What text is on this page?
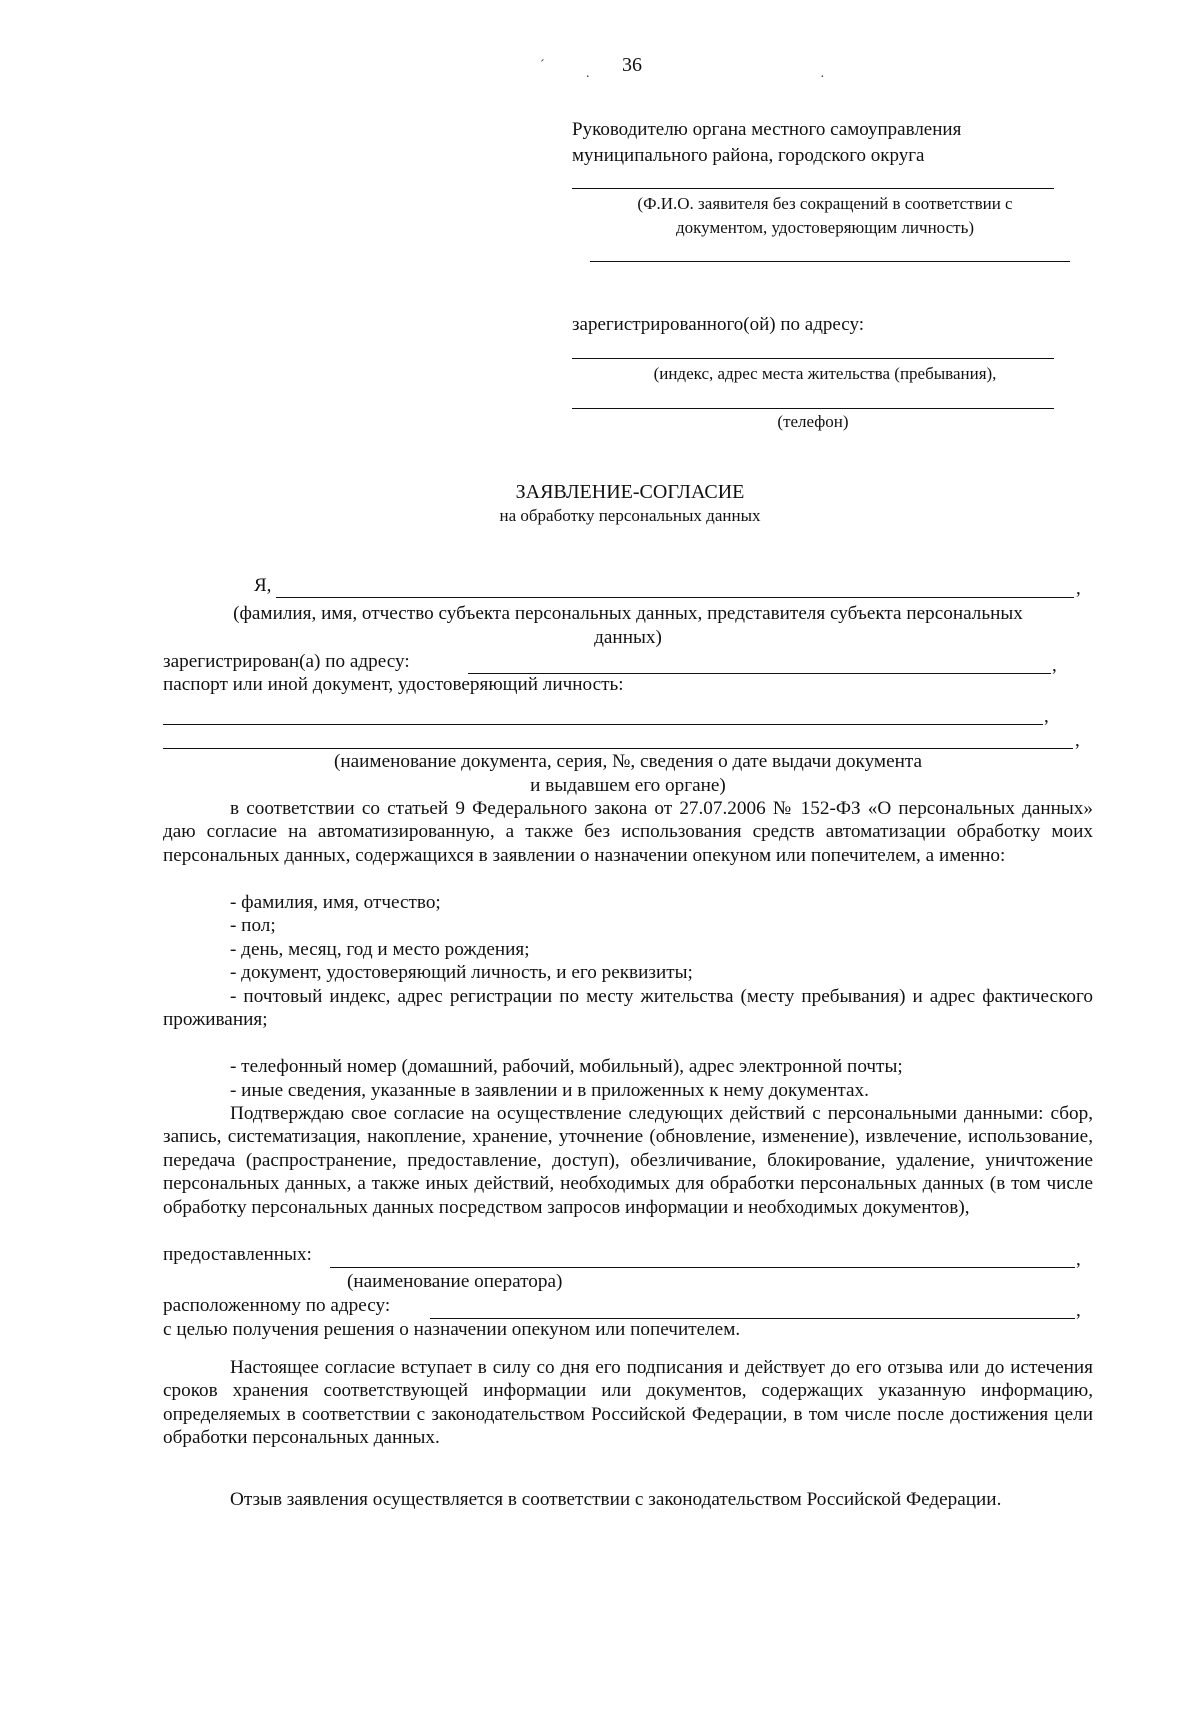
36
´
.	·
Руководителю органа местного самоуправления
муниципального района, городского округа
(Ф.И.О. заявителя без сокращений в соответствии с
документом, удостоверяющим личность)
зарегистрированного(ой) по адресу:
(индекс, адрес места жительства (пребывания),
(телефон)
ЗАЯВЛЕНИЕ-СОГЛАСИЕ
на обработку персональных данных
Я,	,
(фамилия, имя, отчество субъекта персональных данных, представителя субъекта персональных
данных)
зарегистрирован(а) по адресу:	,
паспорт или иной документ, удостоверяющий личность:
,
,
(наименование документа, серия, №, сведения о дате выдачи документа
и выдавшем его органе)
в соответствии со статьей 9 Федерального закона от 27.07.2006 № 152-ФЗ «О персональных данных» даю согласие на автоматизированную, а также без использования средств автоматизации обработку моих персональных данных, содержащихся в заявлении о назначении опекуном или попечителем, а именно:
- фамилия, имя, отчество;
- пол;
- день, месяц, год и место рождения;
- документ, удостоверяющий личность, и его реквизиты;
- почтовый индекс, адрес регистрации по месту жительства (месту пребывания) и адрес фактического проживания;
- телефонный номер (домашний, рабочий, мобильный), адрес электронной почты;
- иные сведения, указанные в заявлении и в приложенных к нему документах.
Подтверждаю свое согласие на осуществление следующих действий с персональными данными: сбор, запись, систематизация, накопление, хранение, уточнение (обновление, изменение), извлечение, использование, передача (распространение, предоставление, доступ), обезличивание, блокирование, удаление, уничтожение персональных данных, а также иных действий, необходимых для обработки персональных данных (в том числе обработку персональных данных посредством запросов информации и необходимых документов),
предоставленных:	,
(наименование оператора)
расположенному по адресу:	,
с целью получения решения о назначении опекуном или попечителем.
Настоящее согласие вступает в силу со дня его подписания и действует до его отзыва или до истечения сроков хранения соответствующей информации или документов, содержащих указанную информацию, определяемых в соответствии с законодательством Российской Федерации, в том числе после достижения цели обработки персональных данных.
Отзыв заявления осуществляется в соответствии с законодательством Российской Федерации.
